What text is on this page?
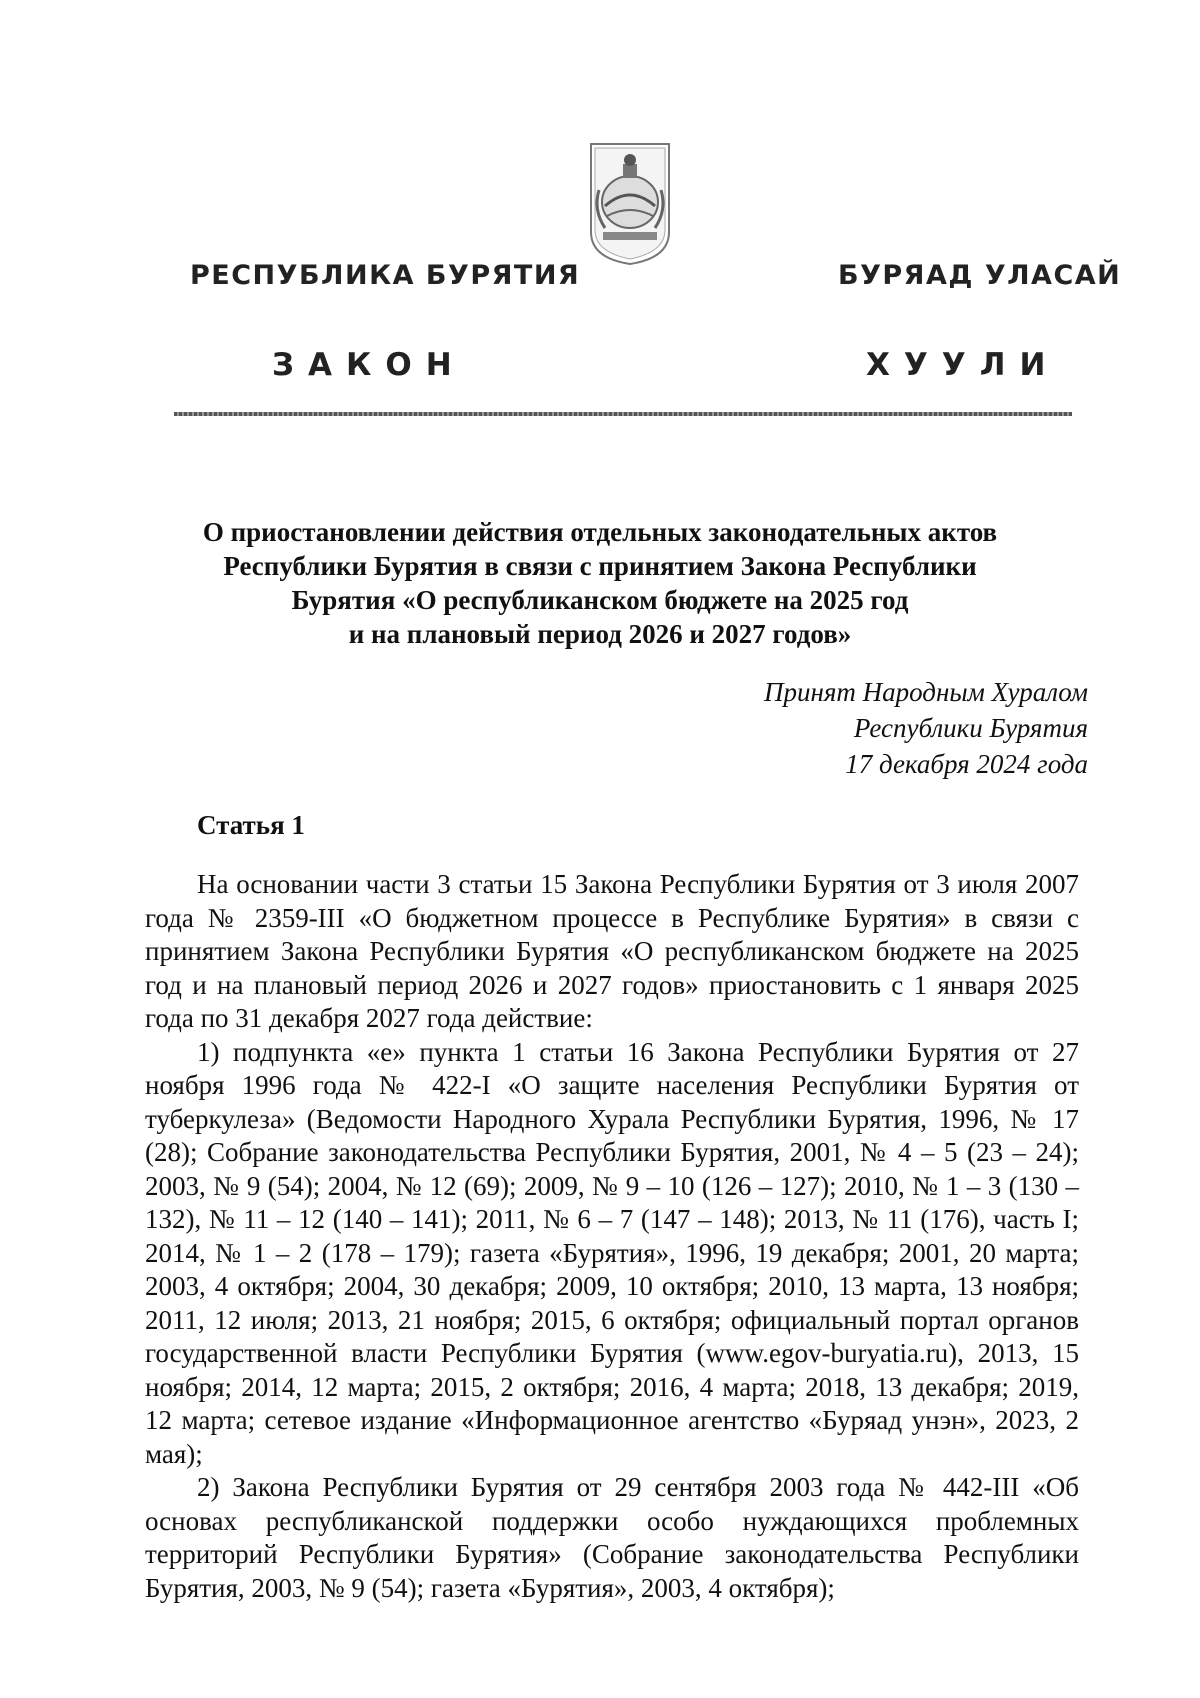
РЕСПУБЛИКА БУРЯТИЯ	БУРЯАД УЛАСАЙ
ЗАКОН	ХУУЛИ
О приостановлении действия отдельных законодательных актов
Республики Бурятия в связи с принятием Закона Республики
Бурятия «О республиканском бюджете на 2025 год
и на плановый период 2026 и 2027 годов»
Принят Народным Хуралом
Республики Бурятия
17 декабря 2024 года
Статья 1

На основании части 3 статьи 15 Закона Республики Бурятия от 3 июля 2007 года № 2359-III «О бюджетном процессе в Республике Бурятия» в связи с принятием Закона Республики Бурятия «О республиканском бюджете на 2025 год и на плановый период 2026 и 2027 годов» приостановить с 1 января 2025 года по 31 декабря 2027 года действие:

1) подпункта «е» пункта 1 статьи 16 Закона Республики Бурятия от 27 ноября 1996 года № 422-I «О защите населения Республики Бурятия от туберкулеза» (Ведомости Народного Хурала Республики Бурятия, 1996, № 17 (28); Собрание законодательства Республики Бурятия, 2001, № 4 – 5 (23 – 24); 2003, № 9 (54); 2004, № 12 (69); 2009, № 9 – 10 (126 – 127); 2010, № 1 – 3 (130 – 132), № 11 – 12 (140 – 141); 2011, № 6 – 7 (147 – 148); 2013, № 11 (176), часть I; 2014, № 1 – 2 (178 – 179); газета «Бурятия», 1996, 19 декабря; 2001, 20 марта; 2003, 4 октября; 2004, 30 декабря; 2009, 10 октября; 2010, 13 марта, 13 ноября; 2011, 12 июля; 2013, 21 ноября; 2015, 6 октября; официальный портал органов государственной власти Республики Бурятия (www.egov-buryatia.ru), 2013, 15 ноября; 2014, 12 марта; 2015, 2 октября; 2016, 4 марта; 2018, 13 декабря; 2019, 12 марта; сетевое издание «Информационное агентство «Буряад унэн», 2023, 2 мая);

2) Закона Республики Бурятия от 29 сентября 2003 года № 442-III «Об основах республиканской поддержки особо нуждающихся проблемных территорий Республики Бурятия» (Собрание законодательства Республики Бурятия, 2003, № 9 (54); газета «Бурятия», 2003, 4 октября);
